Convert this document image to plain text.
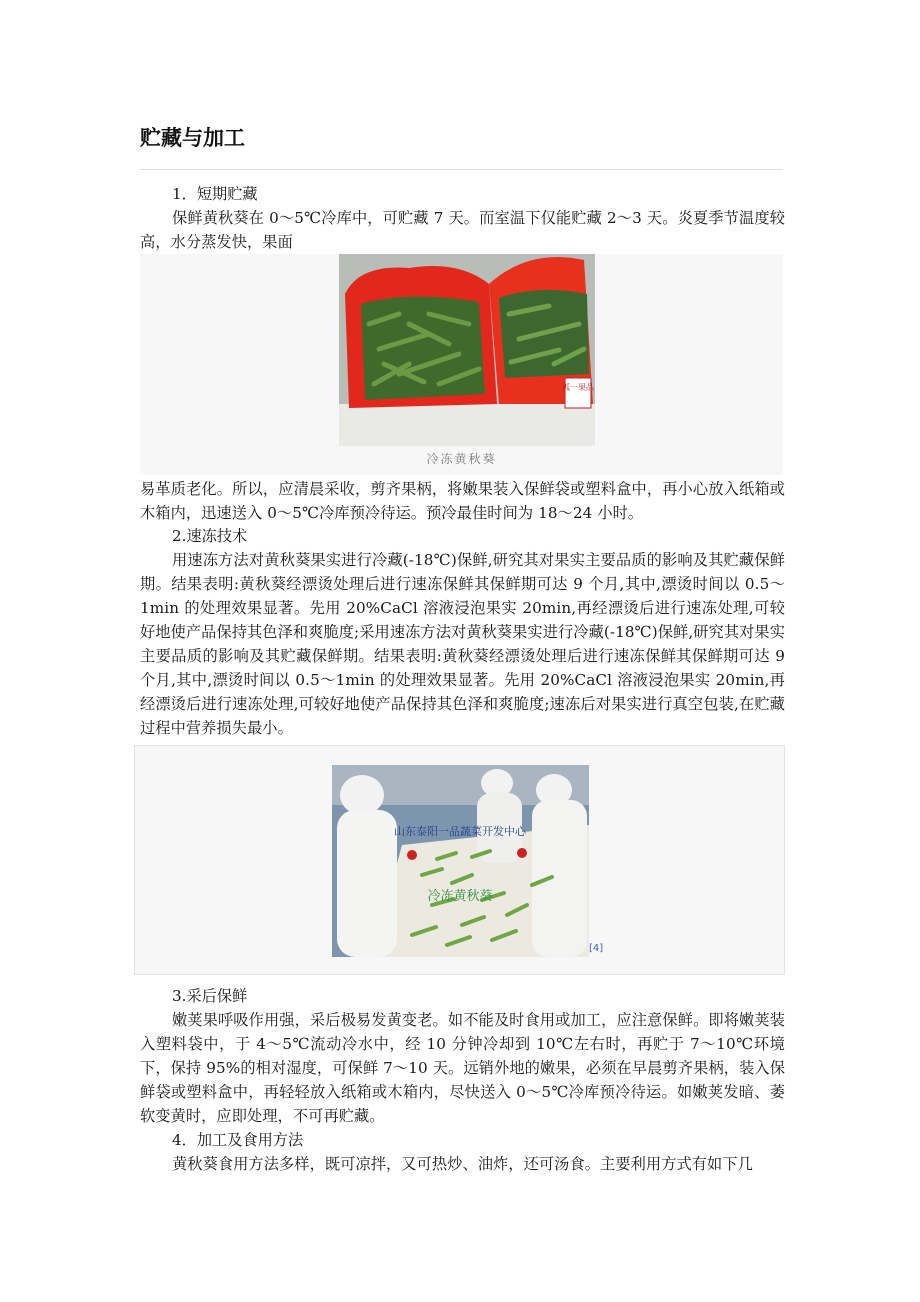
贮藏与加工
1．短期贮藏

保鲜黄秋葵在 0～5℃冷库中，可贮藏 7 天。而室温下仅能贮藏 2～3 天。炎夏季节温度较高，水分蒸发快，果面

孤一果品
冷冻黄秋葵

易革质老化。所以，应清晨采收，剪齐果柄，将嫩果装入保鲜袋或塑料盒中，再小心放入纸箱或木箱内，迅速送入 0～5℃冷库预冷待运。预冷最佳时间为 18～24 小时。

2.速冻技术

用速冻方法对黄秋葵果实进行冷藏(-18℃)保鲜,研究其对果实主要品质的影响及其贮藏保鲜期。结果表明:黄秋葵经漂烫处理后进行速冻保鲜其保鲜期可达 9 个月,其中,漂烫时间以 0.5～1min 的处理效果显著。先用 20%CaCl 溶液浸泡果实 20min,再经漂烫后进行速冻处理,可较好地使产品保持其色泽和爽脆度;采用速冻方法对黄秋葵果实进行冷藏(-18℃)保鲜,研究其对果实主要品质的影响及其贮藏保鲜期。结果表明:黄秋葵经漂烫处理后进行速冻保鲜其保鲜期可达 9 个月,其中,漂烫时间以 0.5～1min 的处理效果显著。先用 20%CaCl 溶液浸泡果实 20min,再经漂烫后进行速冻处理,可较好地使产品保持其色泽和爽脆度;速冻后对果实进行真空包装,在贮藏过程中营养损失最小。

山东泰阳一品蔬菜开发中心
冷冻黄秋葵
[4]
3.采后保鲜

嫩荚果呼吸作用强，采后极易发黄变老。如不能及时食用或加工，应注意保鲜。即将嫩荚装入塑料袋中，于 4～5℃流动冷水中，经 10 分钟冷却到 10℃左右时，再贮于 7～10℃环境下，保持 95%的相对湿度，可保鲜 7～10 天。远销外地的嫩果，必须在早晨剪齐果柄，装入保鲜袋或塑料盒中，再轻轻放入纸箱或木箱内，尽快送入 0～5℃冷库预冷待运。如嫩荚发暗、萎软变黄时，应即处理，不可再贮藏。

4．加工及食用方法

黄秋葵食用方法多样，既可凉拌，又可热炒、油炸，还可汤食。主要利用方式有如下几
